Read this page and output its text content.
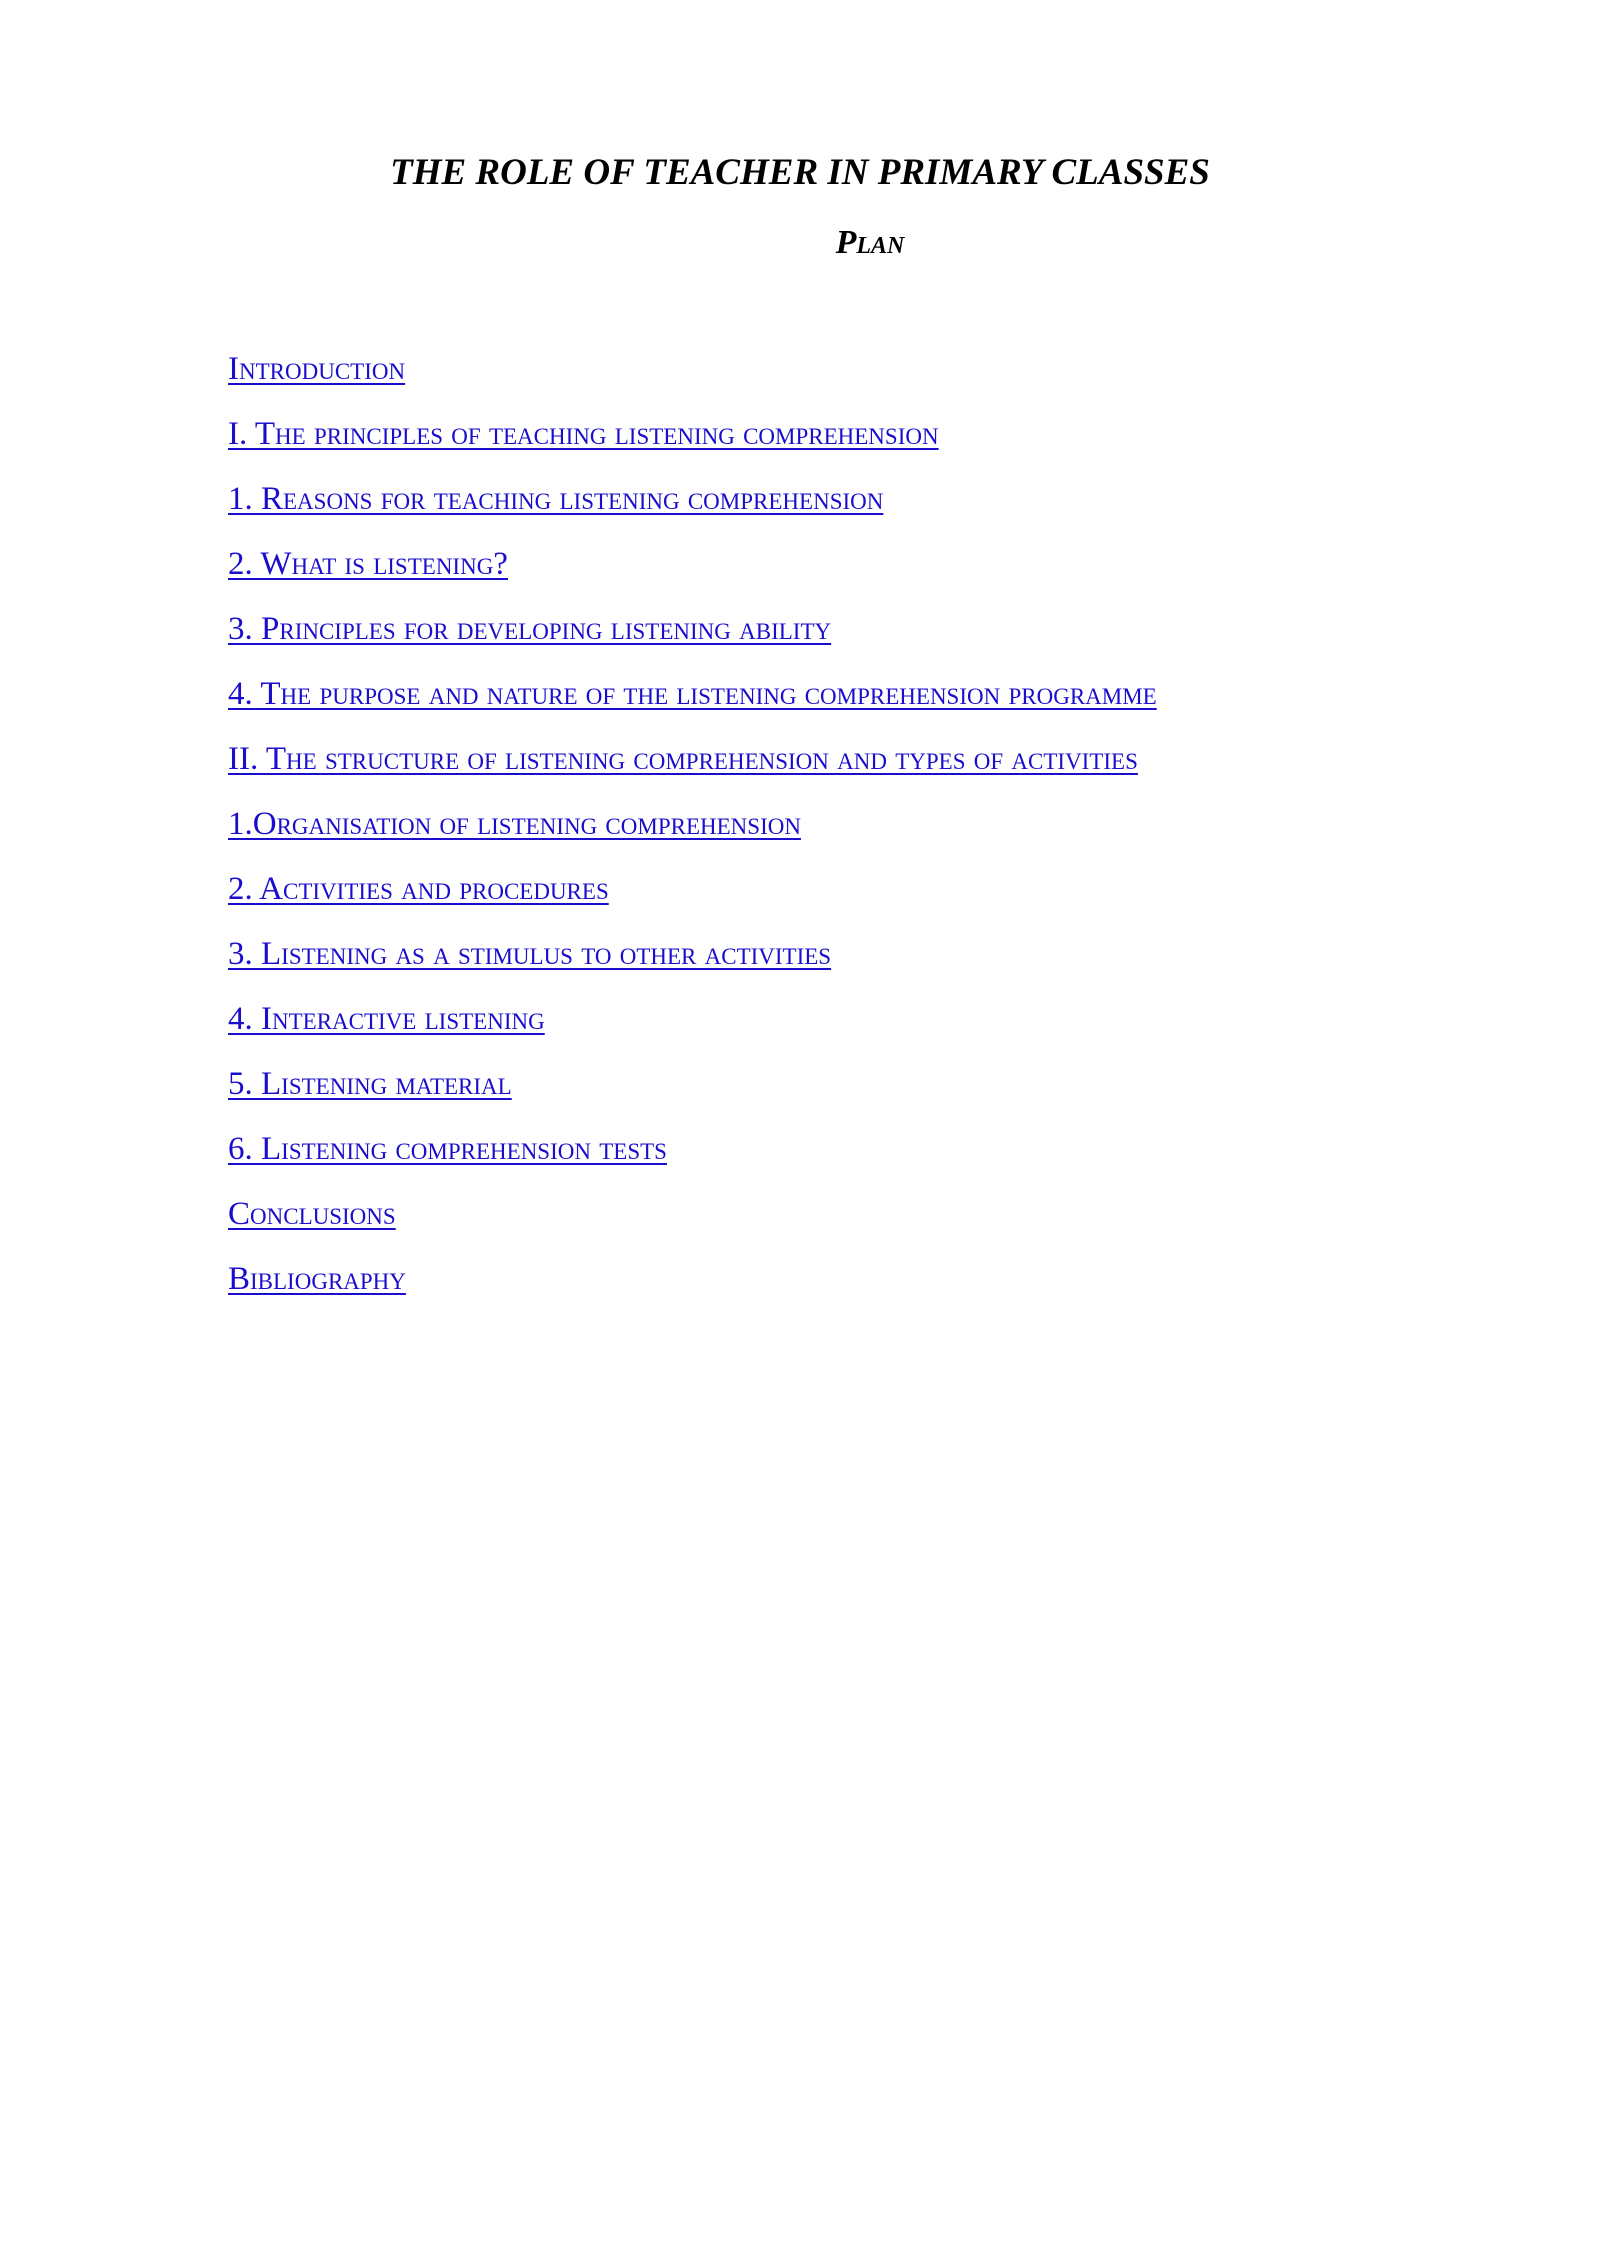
THE ROLE OF TEACHER IN PRIMARY CLASSES
Plan
Introduction
I. The principles of teaching listening comprehension
1. Reasons for teaching listening comprehension
2. What is listening?
3. Principles for developing listening ability
4. The purpose and nature of the listening comprehension programme
II. The structure of listening comprehension and types of activities
1.Organisation of listening comprehension
2. Activities and procedures
3. Listening as a stimulus to other activities
4. Interactive listening
5. Listening material
6. Listening comprehension tests
Conclusions
Bibliography
